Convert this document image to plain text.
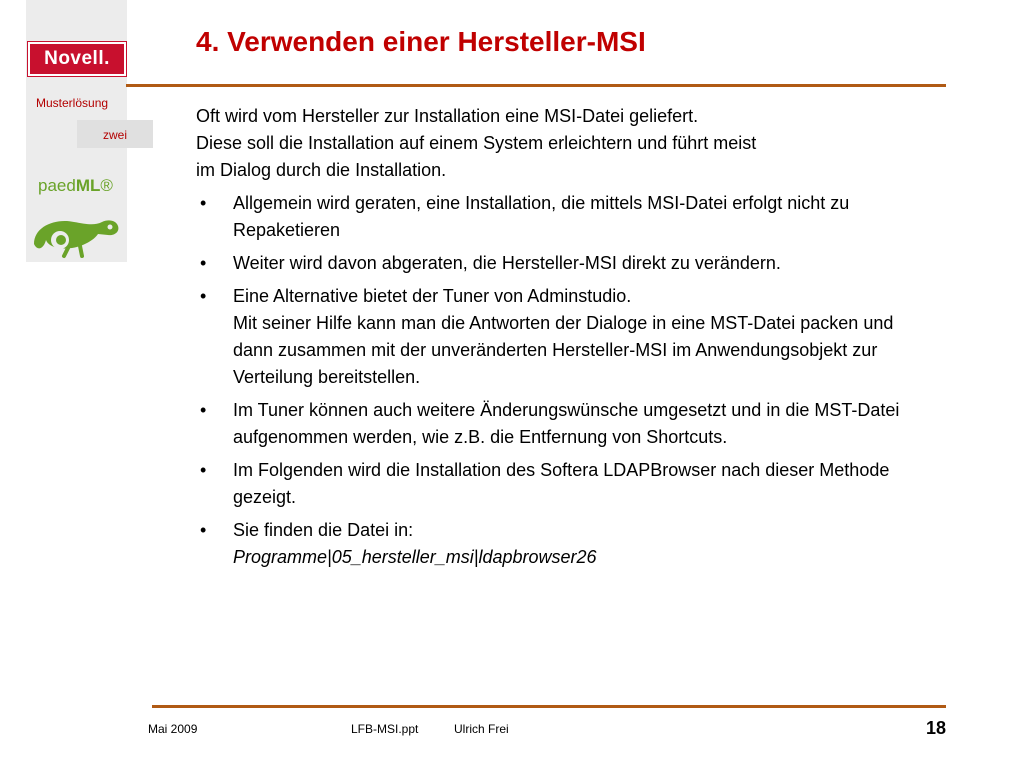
Novell.
Musterlösung
zwei
paedML®
4. Verwenden einer Hersteller-MSI
Oft wird vom Hersteller zur Installation eine MSI-Datei geliefert.
Diese soll die Installation auf einem System erleichtern und führt meist
im Dialog durch die Installation.
• Allgemein wird geraten, eine Installation, die mittels MSI-Datei erfolgt nicht zu Repaketieren
• Weiter wird davon abgeraten, die Hersteller-MSI direkt zu verändern.
• Eine Alternative bietet der Tuner von Adminstudio.
Mit seiner Hilfe kann man die Antworten der Dialoge in eine MST-Datei packen und dann zusammen mit der unveränderten Hersteller-MSI im Anwendungsobjekt zur Verteilung bereitstellen.
• Im Tuner können auch weitere Änderungswünsche umgesetzt und in die MST-Datei aufgenommen werden, wie z.B. die Entfernung von Shortcuts.
• Im Folgenden wird die Installation des Softera LDAPBrowser nach dieser Methode gezeigt.
• Sie finden die Datei in:
Programme|05_hersteller_msi|ldapbrowser26
Mai 2009	LFB-MSI.ppt	Ulrich Frei	18
